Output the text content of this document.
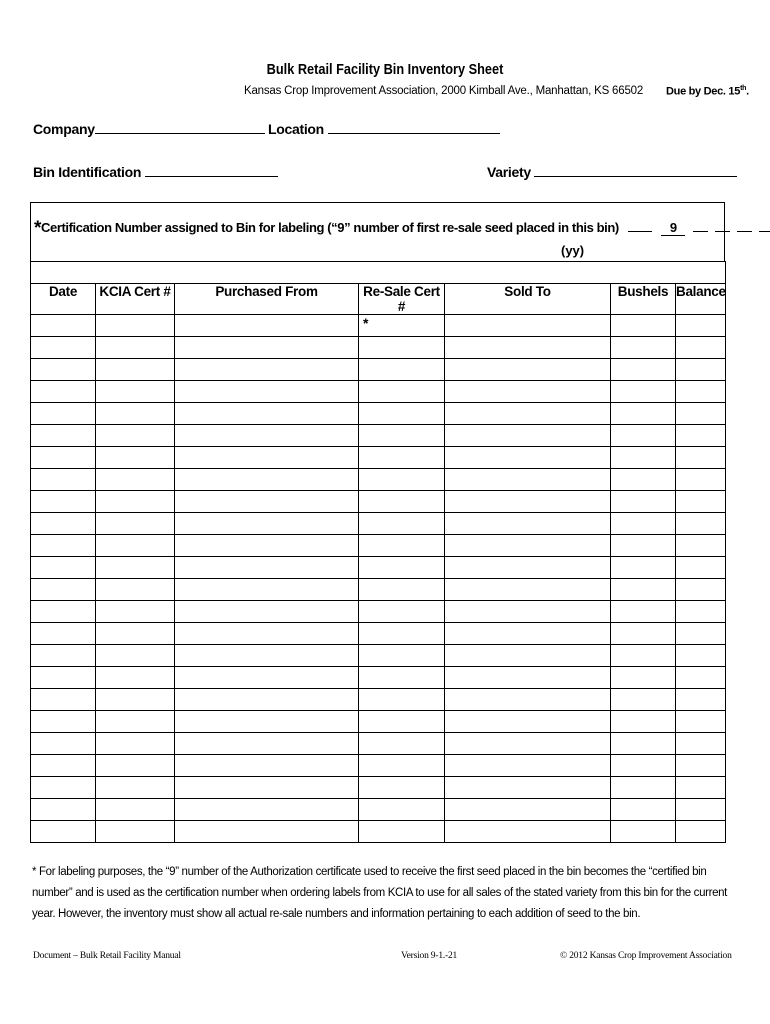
Bulk Retail Facility Bin Inventory Sheet
Kansas Crop Improvement Association, 2000 Kimball Ave., Manhattan, KS 66502 Due by Dec. 15th.
Company	Location
Bin Identification	Variety
*Certification Number assigned to Bin for labeling (“9” number of first re-sale seed placed in this bin)	9
(yy)

Date	KCIA Cert #	Purchased From	Re-Sale Cert #	Sold To	Bushels	Balance
			*			

* For labeling purposes, the “9” number of the Authorization certificate used to receive the first seed placed in the bin becomes the “certified bin number” and is used as the certification number when ordering labels from KCIA to use for all sales of the stated variety from this bin for the current year. However, the inventory must show all actual re-sale numbers and information pertaining to each addition of seed to the bin.
Document – Bulk Retail Facility Manual	Version 9-1.-21	© 2012 Kansas Crop Improvement Association
